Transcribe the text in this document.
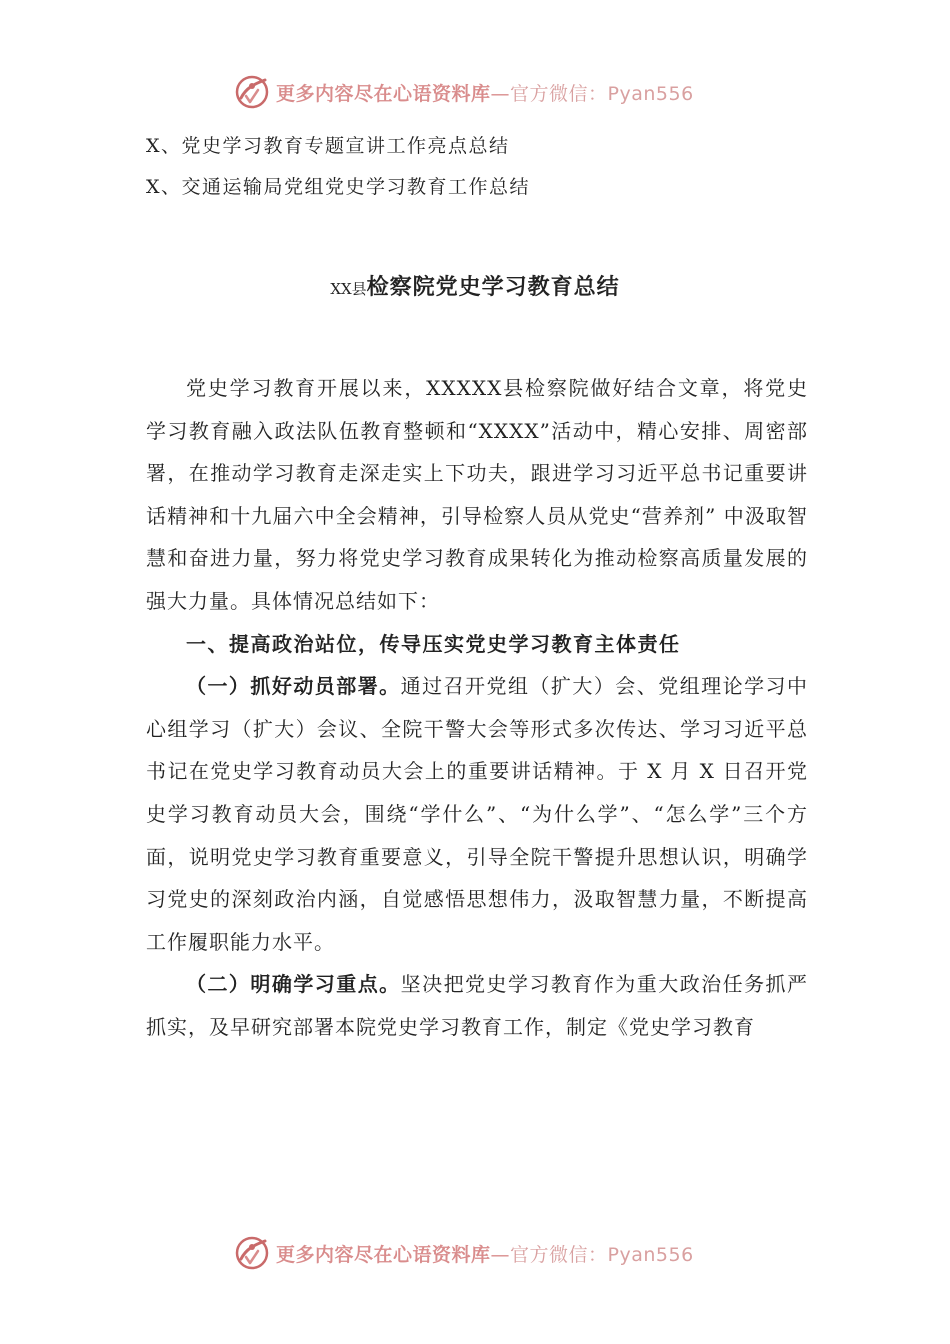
更多内容尽在心语资料库—官方微信：Pyan556
X、党史学习教育专题宣讲工作亮点总结
X、交通运输局党组党史学习教育工作总结
XX县检察院党史学习教育总结

党史学习教育开展以来，XXXXX县检察院做好结合文章，将党史学习教育融入政法队伍教育整顿和“XXXX”活动中，精心安排、周密部署，在推动学习教育走深走实上下功夫，跟进学习习近平总书记重要讲话精神和十九届六中全会精神，引导检察人员从党史“营养剂” 中汲取智慧和奋进力量，努力将党史学习教育成果转化为推动检察高质量发展的强大力量。具体情况总结如下：

一、提高政治站位，传导压实党史学习教育主体责任

（一）抓好动员部署。通过召开党组（扩大）会、党组理论学习中心组学习（扩大）会议、全院干警大会等形式多次传达、学习习近平总书记在党史学习教育动员大会上的重要讲话精神。于 X 月 X 日召开党史学习教育动员大会，围绕“学什么”、“为什么学”、“怎么学”三个方面，说明党史学习教育重要意义，引导全院干警提升思想认识，明确学习党史的深刻政治内涵，自觉感悟思想伟力，汲取智慧力量，不断提高工作履职能力水平。

（二）明确学习重点。坚决把党史学习教育作为重大政治任务抓严抓实，及早研究部署本院党史学习教育工作，制定《党史学习教育

更多内容尽在心语资料库—官方微信：Pyan556
